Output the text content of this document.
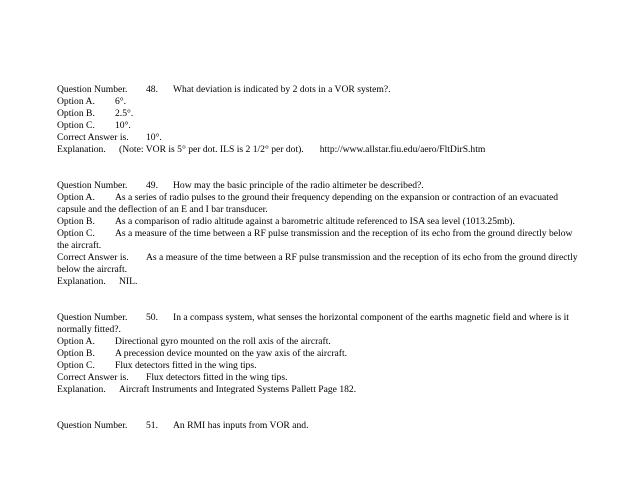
Question Number. 48. What deviation is indicated by 2 dots in a VOR system?.
Option A. 6°.
Option B. 2.5°.
Option C. 10°.
Correct Answer is. 10°.
Explanation. (Note: VOR is 5° per dot. ILS is 2 1/2° per dot). http://www.allstar.fiu.edu/aero/FltDirS.htm
Question Number. 49. How may the basic principle of the radio altimeter be described?.
Option A. As a series of radio pulses to the ground their frequency depending on the expansion or contraction of an evacuated
capsule and the deflection of an E and I bar transducer.
Option B. As a comparison of radio altitude against a barometric altitude referenced to ISA sea level (1013.25mb).
Option C. As a measure of the time between a RF pulse transmission and the reception of its echo from the ground directly below
the aircraft.
Correct Answer is. As a measure of the time between a RF pulse transmission and the reception of its echo from the ground directly
below the aircraft.
Explanation. NIL.
Question Number. 50. In a compass system, what senses the horizontal component of the earths magnetic field and where is it
normally fitted?.
Option A. Directional gyro mounted on the roll axis of the aircraft.
Option B. A precession device mounted on the yaw axis of the aircraft.
Option C. Flux detectors fitted in the wing tips.
Correct Answer is. Flux detectors fitted in the wing tips.
Explanation. Aircraft Instruments and Integrated Systems Pallett Page 182.
Question Number. 51. An RMI has inputs from VOR and.
